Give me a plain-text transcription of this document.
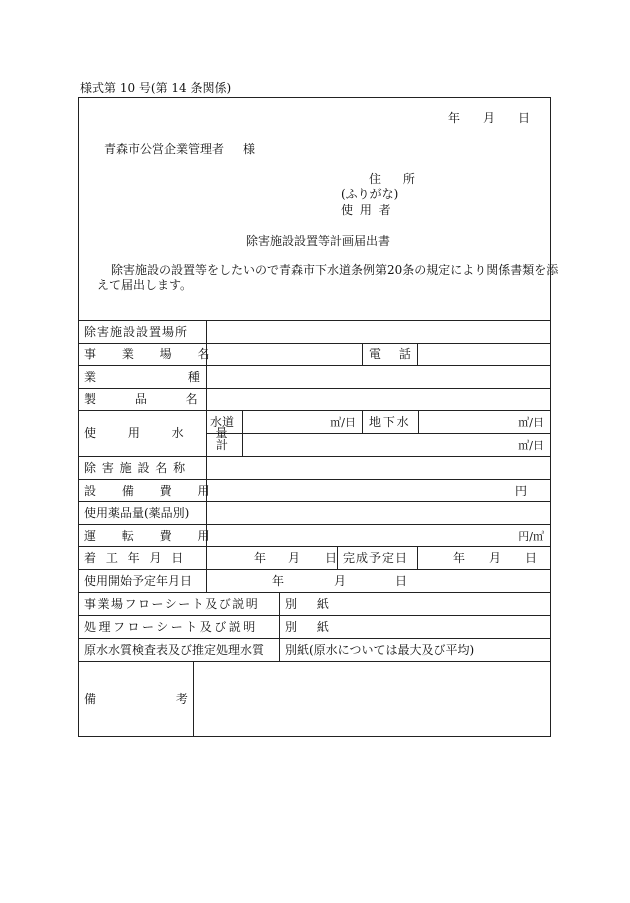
様式第 10 号(第 14 条関係)
年 月 日
青森市公営企業管理者 様
住 所
(ふりがな)
使 用 者
除害施設設置等計画届出書
除害施設の設置等をしたいので青森市下水道条例第20条の規定により関係書類を添
えて届出します。
除害施設設置場所
事 業 場 名	電 話
業 種
製 品 名
使 用 水 量
水道	㎥/日 地 下 水	㎥/日
計	㎥/日
除 害 施 設 名 称
設 備 費 用	円
使用薬品量(薬品別)
運 転 費 用	円/㎥
着 工 年 月 日	年 月 日 完成予定日	年 月 日
使用開始予定年月日	年	月	日
事業場フローシート及び説明 別 紙
処理フローシート及び説明 別 紙
原水水質検査表及び推定処理水質 別紙(原水については最大及び平均)
備 考
